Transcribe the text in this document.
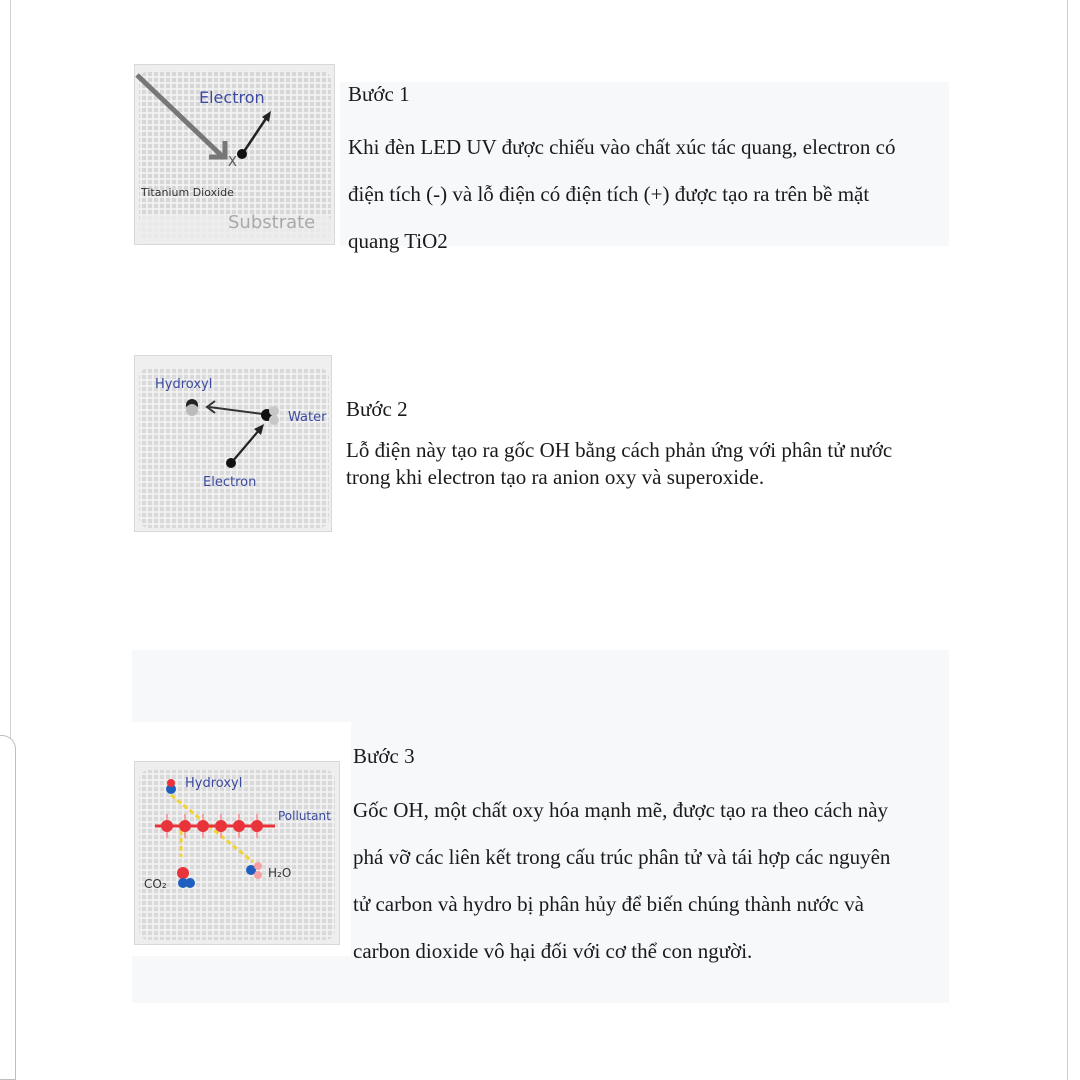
Electron
X
Titanium Dioxide
Substrate
Bước 1

Khi đèn LED UV được chiếu vào chất xúc tác quang, electron có
điện tích (-) và lỗ điện có điện tích (+) được tạo ra trên bề mặt
quang TiO2

Hydroxyl
Water
Electron
Bước 2

Lỗ điện này tạo ra gốc OH bằng cách phản ứng với phân tử nước
trong khi electron tạo ra anion oxy và superoxide.

Hydroxyl
Pollutant
CO₂
H₂O
Bước 3

Gốc OH, một chất oxy hóa mạnh mẽ, được tạo ra theo cách này
phá vỡ các liên kết trong cấu trúc phân tử và tái hợp các nguyên
tử carbon và hydro bị phân hủy để biến chúng thành nước và
carbon dioxide vô hại đối với cơ thể con người.
